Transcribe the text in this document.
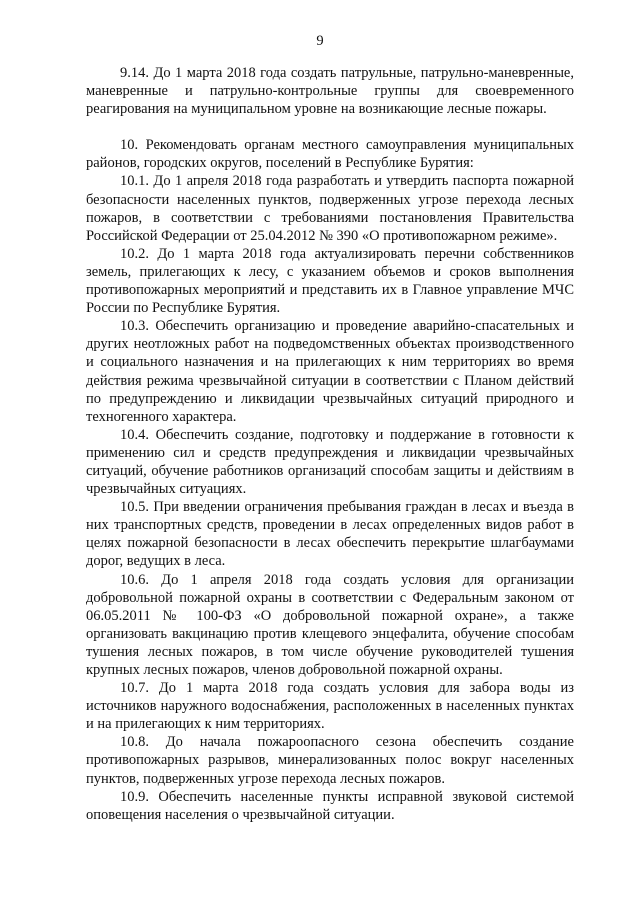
9

9.14. До 1 марта 2018 года создать патрульные, патрульно-маневренные, маневренные и патрульно-контрольные группы для своевременного реагирования на муниципальном уровне на возникающие лесные пожары.

10. Рекомендовать органам местного самоуправления муниципальных районов, городских округов, поселений в Республике Бурятия:

10.1. До 1 апреля 2018 года разработать и утвердить паспорта пожарной безопасности населенных пунктов, подверженных угрозе перехода лесных пожаров, в соответствии с требованиями постановления Правительства Российской Федерации от 25.04.2012 № 390 «О противопожарном режиме».

10.2. До 1 марта 2018 года актуализировать перечни собственников земель, прилегающих к лесу, с указанием объемов и сроков выполнения противопожарных мероприятий и представить их в Главное управление МЧС России по Республике Бурятия.

10.3. Обеспечить организацию и проведение аварийно-спасательных и других неотложных работ на подведомственных объектах производственного и социального назначения и на прилегающих к ним территориях во время действия режима чрезвычайной ситуации в соответствии с Планом действий по предупреждению и ликвидации чрезвычайных ситуаций природного и техногенного характера.

10.4. Обеспечить создание, подготовку и поддержание в готовности к применению сил и средств предупреждения и ликвидации чрезвычайных ситуаций, обучение работников организаций способам защиты и действиям в чрезвычайных ситуациях.

10.5. При введении ограничения пребывания граждан в лесах и въезда в них транспортных средств, проведении в лесах определенных видов работ в целях пожарной безопасности в лесах обеспечить перекрытие шлагбаумами дорог, ведущих в леса.

10.6. До 1 апреля 2018 года создать условия для организации добровольной пожарной охраны в соответствии с Федеральным законом от 06.05.2011 № 100-ФЗ «О добровольной пожарной охране», а также организовать вакцинацию против клещевого энцефалита, обучение способам тушения лесных пожаров, в том числе обучение руководителей тушения крупных лесных пожаров, членов добровольной пожарной охраны.

10.7. До 1 марта 2018 года создать условия для забора воды из источников наружного водоснабжения, расположенных в населенных пунктах и на прилегающих к ним территориях.

10.8. До начала пожароопасного сезона обеспечить создание противопожарных разрывов, минерализованных полос вокруг населенных пунктов, подверженных угрозе перехода лесных пожаров.

10.9. Обеспечить населенные пункты исправной звуковой системой оповещения населения о чрезвычайной ситуации.
